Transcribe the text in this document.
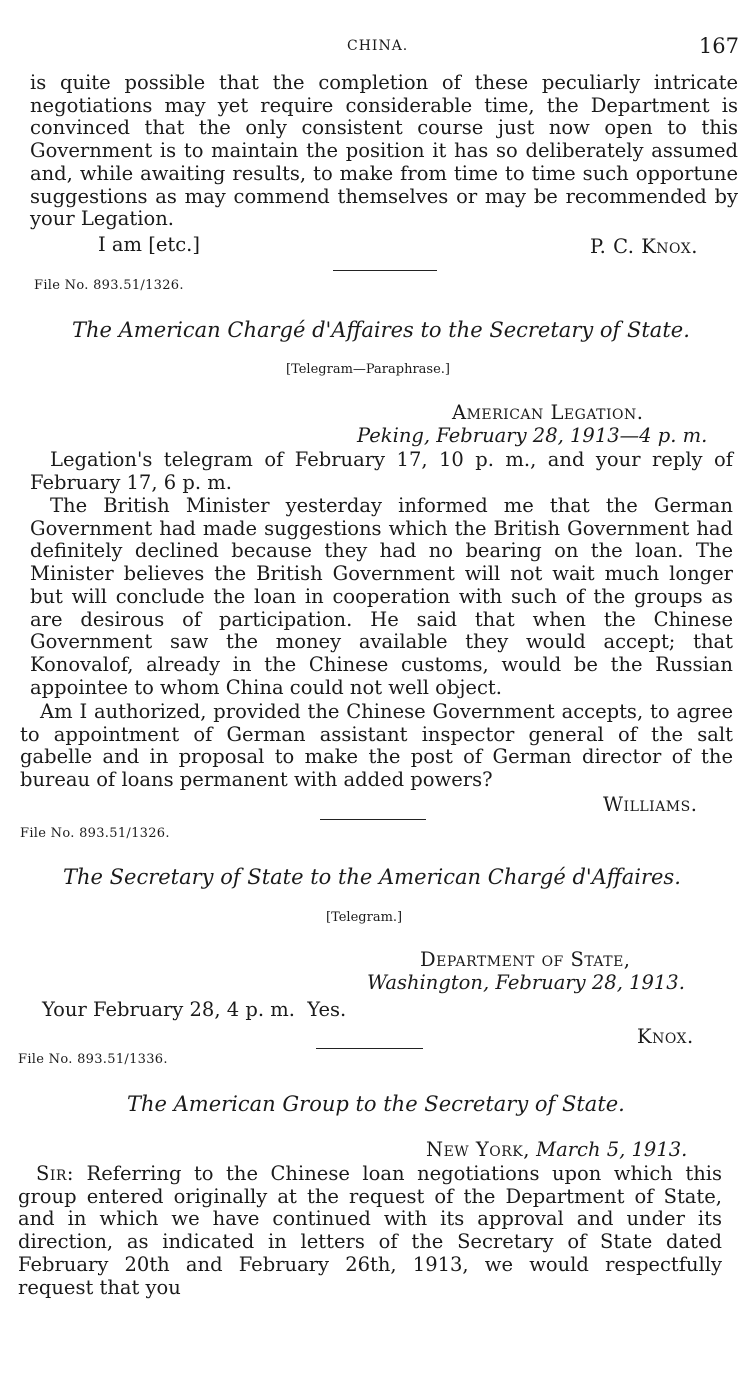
CHINA.	167

is quite possible that the completion of these peculiarly intricate negotiations may yet require considerable time, the Department is convinced that the only consistent course just now open to this Government is to maintain the position it has so deliberately assumed and, while awaiting results, to make from time to time such opportune suggestions as may commend themselves or may be recommended by your Legation.

I am [etc.]	P. C. Knox.
File No. 893.51/1326.
The American Chargé d'Affaires to the Secretary of State.
[Telegram—Paraphrase.]
American Legation.
Peking, February 28, 1913—4 p. m.

Legation's telegram of February 17, 10 p. m., and your reply of February 17, 6 p. m.

The British Minister yesterday informed me that the German Government had made suggestions which the British Government had definitely declined because they had no bearing on the loan. The Minister believes the British Government will not wait much longer but will conclude the loan in cooperation with such of the groups as are desirous of participation. He said that when the Chinese Government saw the money available they would accept; that Konovalof, already in the Chinese customs, would be the Russian appointee to whom China could not well object.

Am I authorized, provided the Chinese Government accepts, to agree to appointment of German assistant inspector general of the salt gabelle and in proposal to make the post of German director of the bureau of loans permanent with added powers?

Williams.
File No. 893.51/1326.
The Secretary of State to the American Chargé d'Affaires.
[Telegram.]
Department of State,
Washington, February 28, 1913.
Your February 28, 4 p. m.  Yes.
Knox.
File No. 893.51/1336.
The American Group to the Secretary of State.
New York, March 5, 1913.

Sir: Referring to the Chinese loan negotiations upon which this group entered originally at the request of the Department of State, and in which we have continued with its approval and under its direction, as indicated in letters of the Secretary of State dated February 20th and February 26th, 1913, we would respectfully request that you
